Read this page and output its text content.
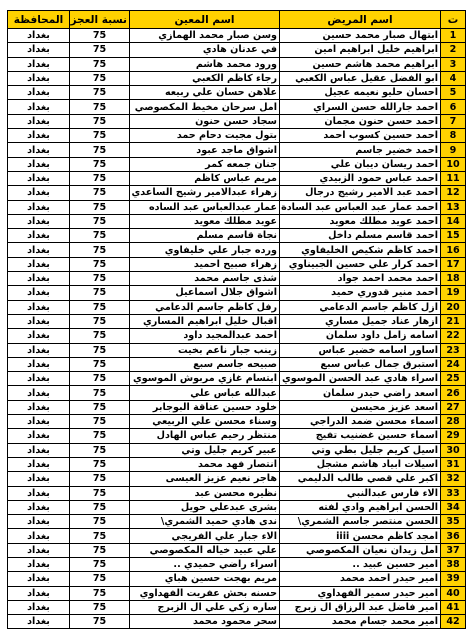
ت	اسم المريض	اسم المعين	نسبة العجز	المحافظة
1	ابتهال صبار محمد حسين	وسن صبار محمد الهمازي	75	بغداد
2	ابراهيم خليل ابراهيم امين	في عدنان هادي	75	بغداد
3	ابراهيم محمد هاشم حسين	ورود محمد هاشم	75	بغداد
4	ابو الفضل عقيل عباس الكعبي	رجاء كاظم الكعبي	75	بغداد
5	احسان حليو نعيمه عجيل	علاهن حسان علي ربيعه	75	بغداد
6	احمد جارالله حسن السراي	امل سرحان مخيط المكصوصي	75	بغداد
7	احمد حسن حنون مجمان	سجاد حسن حنون	75	بغداد
8	احمد حسين كسوب احمد	بتول مجيت دحام حمد	75	بغداد
9	احمد خضير جاسم	اشواق ماجد عبود	75	بغداد
10	احمد ريسان ديبان علي	جنان جمعه كمر	75	بغداد
11	احمد عباس حمود الزبيدي	مريم عباس كاظم	75	بغداد
12	احمد عبد الامير رشيج درجال	زهراء عبدالامير رشيج الساعدي	75	بغداد
13	احمد عمار عبد العباس عبد السادة	عمار عبدالعباس عبد الساده	75	بغداد
14	احمد عويد مطلك معويد	عويد مطلك معويد	75	بغداد
15	احمد قاسم مسلم داخل	نجاة قاسم مسلم	75	بغداد
16	احمد كاظم شكيص الخليفاوي	ورده جبار علي خليفاوي	75	بغداد
17	احمد كرار علي حسين الجبيناوي	زهراء صبيح احميد	75	بغداد
18	احمد محمد احمد جواد	شذى جاسم محمد	75	بغداد
19	احمد منير قدوري حميد	اشواق جلال اسماعيل	75	بغداد
20	ازل كاظم جاسم الدعامي	رفل كاظم جاسم الدعامي	75	بغداد
21	ازهار عناد جميل مساري	اقبال خليل ابراهيم المساري	75	بغداد
22	اسامه زامل داود سلمان	احمد عبدالمجيد داود	75	بغداد
23	اساور اسامه خضير عباس	زينب جبار ناعم بخيت	75	بغداد
24	استبرق جمال عباس سبع	صبيحه جاسم سبع	75	بغداد
25	اسراء هادي عبد الحسن الموسوي	ابتسام غازي مربوش الموسوي	75	بغداد
26	اسعد راضي حيدر سلمان	عبدالله عباس علي	75	بغداد
27	اسعد عزيز محيسن	خلود حسين عناقة البوجابر	75	بغداد
28	اسماء محسن ضمد الدراجي	وسناء محسن علي الربيعي	75	بغداد
29	اسماء حسين غضنيب تفيج	منتظر رحيم عباس الهادل	75	بغداد
30	اسيل كريم جليل بطي وتي	عبير كريم جليل وتي	75	بغداد
31	اسيلات ابياد هاشم مشجل	انتصار فهد محمد	75	بغداد
32	اكبر علي قصي طالب الدليمي	هاجر نعيم عزيز العيسى	75	بغداد
33	الاء فارس عبدالنبي	نظيره محسن عبد	75	بغداد
34	الحسن ابراهيم وادي لفته	بشرى عبدعلي حويل	75	بغداد
35	الحسن منتصر جاسم الشمري\	ندى هادي حميد الشمري\	75	بغداد
36	امجد كاظم محسن iiii	الاء جبار علي الفريجي	75	بغداد
37	امل زيدان نعيان المكصوصي	علي عبيد خياله المكصوصي	75	بغداد
38	امير حسين عبيد ..	اسراء راضي حميدي ..	75	بغداد
39	امير حيدر احمد محمد	مريم بهجت حسين هباي	75	بغداد
40	امير حيدر سمير الفهداوي	حسنه بحش عفريت الفهداوي	75	بغداد
41	امير فاضل عبد الرزاق ال زبرج	ساره زكي علي ال الزبرج	75	بغداد
42	امير محمد جسام محمد	سحر محمود محمد	75	بغداد
